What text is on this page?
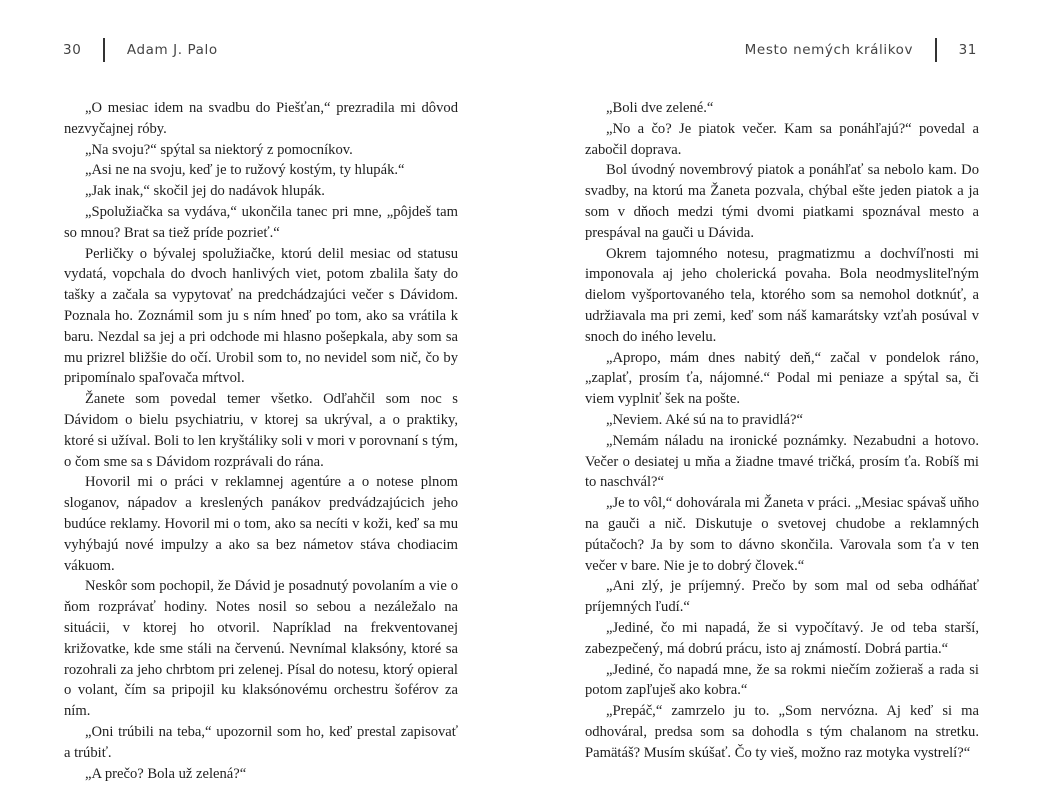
30	Adam J. Palo	Mesto nemých králikov	31

„O mesiac idem na svadbu do Piešťan,“ prezradila mi dôvod nezvyčajnej róby.

„Na svoju?“ spýtal sa niektorý z pomocníkov.

„Asi ne na svoju, keď je to ružový kostým, ty hlupák.“

„Jak inak,“ skočil jej do nadávok hlupák.

„Spolužiačka sa vydáva,“ ukončila tanec pri mne, „pôjdeš tam so mnou? Brat sa tiež príde pozrieť.“

Perličky o bývalej spolužiačke, ktorú delil mesiac od statusu vydatá, vopchala do dvoch hanlivých viet, potom zbalila šaty do tašky a začala sa vypytovať na predchádzajúci večer s Dávidom. Poznala ho. Zoznámil som ju s ním hneď po tom, ako sa vrátila k baru. Nezdal sa jej a pri odchode mi hlasno pošepkala, aby som sa mu prizrel bližšie do očí. Urobil som to, no nevidel som nič, čo by pripomínalo spaľovača mŕtvol.

Žanete som povedal temer všetko. Odľahčil som noc s Dávidom o bielu psychiatriu, v ktorej sa ukrýval, a o praktiky, ktoré si užíval. Boli to len kryštáliky soli v mori v porovnaní s tým, o čom sme sa s Dávidom rozprávali do rána.

Hovoril mi o práci v reklamnej agentúre a o notese plnom sloganov, nápadov a kreslených panákov predvádzajúcich jeho budúce reklamy. Hovoril mi o tom, ako sa necíti v koži, keď sa mu vyhýbajú nové impulzy a ako sa bez námetov stáva chodiacim vákuom.

Neskôr som pochopil, že Dávid je posadnutý povolaním a vie o ňom rozprávať hodiny. Notes nosil so sebou a nezáležalo na situácii, v ktorej ho otvoril. Napríklad na frekventovanej križovatke, kde sme stáli na červenú. Nevnímal klaksóny, ktoré sa rozohrali za jeho chrbtom pri zelenej. Písal do notesu, ktorý opieral o volant, čím sa pripojil ku klaksónovému orchestru šoférov za ním.

„Oni trúbili na teba,“ upozornil som ho, keď prestal zapisovať a trúbiť.

„A prečo? Bola už zelená?“

„Boli dve zelené.“

„No a čo? Je piatok večer. Kam sa ponáhľajú?“ povedal a zabočil doprava.

Bol úvodný novembrový piatok a ponáhľať sa nebolo kam. Do svadby, na ktorú ma Žaneta pozvala, chýbal ešte jeden piatok a ja som v dňoch medzi tými dvomi piatkami spoznával mesto a prespával na gauči u Dávida.

Okrem tajomného notesu, pragmatizmu a dochvíľnosti mi imponovala aj jeho cholerická povaha. Bola neodmysliteľným dielom vyšportovaného tela, ktorého som sa nemohol dotknúť, a udržiavala ma pri zemi, keď som náš kamarátsky vzťah posúval v snoch do iného levelu.

„Apropo, mám dnes nabitý deň,“ začal v pondelok ráno, „zaplať, prosím ťa, nájomné.“ Podal mi peniaze a spýtal sa, či viem vyplniť šek na pošte.

„Neviem. Aké sú na to pravidlá?“

„Nemám náladu na ironické poznámky. Nezabudni a hotovo. Večer o desiatej u mňa a žiadne tmavé tričká, prosím ťa. Robíš mi to naschvál?“

„Je to vôl,“ dohovárala mi Žaneta v práci. „Mesiac spávaš uňho na gauči a nič. Diskutuje o svetovej chudobe a reklamných pútačoch? Ja by som to dávno skončila. Varovala som ťa v ten večer v bare. Nie je to dobrý človek.“

„Ani zlý, je príjemný. Prečo by som mal od seba odháňať príjemných ľudí.“

„Jediné, čo mi napadá, že si vypočítavý. Je od teba starší, zabezpečený, má dobrú prácu, isto aj známostí. Dobrá partia.“

„Jediné, čo napadá mne, že sa rokmi niečím zožieraš a rada si potom zapľuješ ako kobra.“

„Prepáč,“ zamrzelo ju to. „Som nervózna. Aj keď si ma odhováral, predsa som sa dohodla s tým chalanom na stretku. Pamätáš? Musím skúšať. Čo ty vieš, možno raz motyka vystrelí?“
